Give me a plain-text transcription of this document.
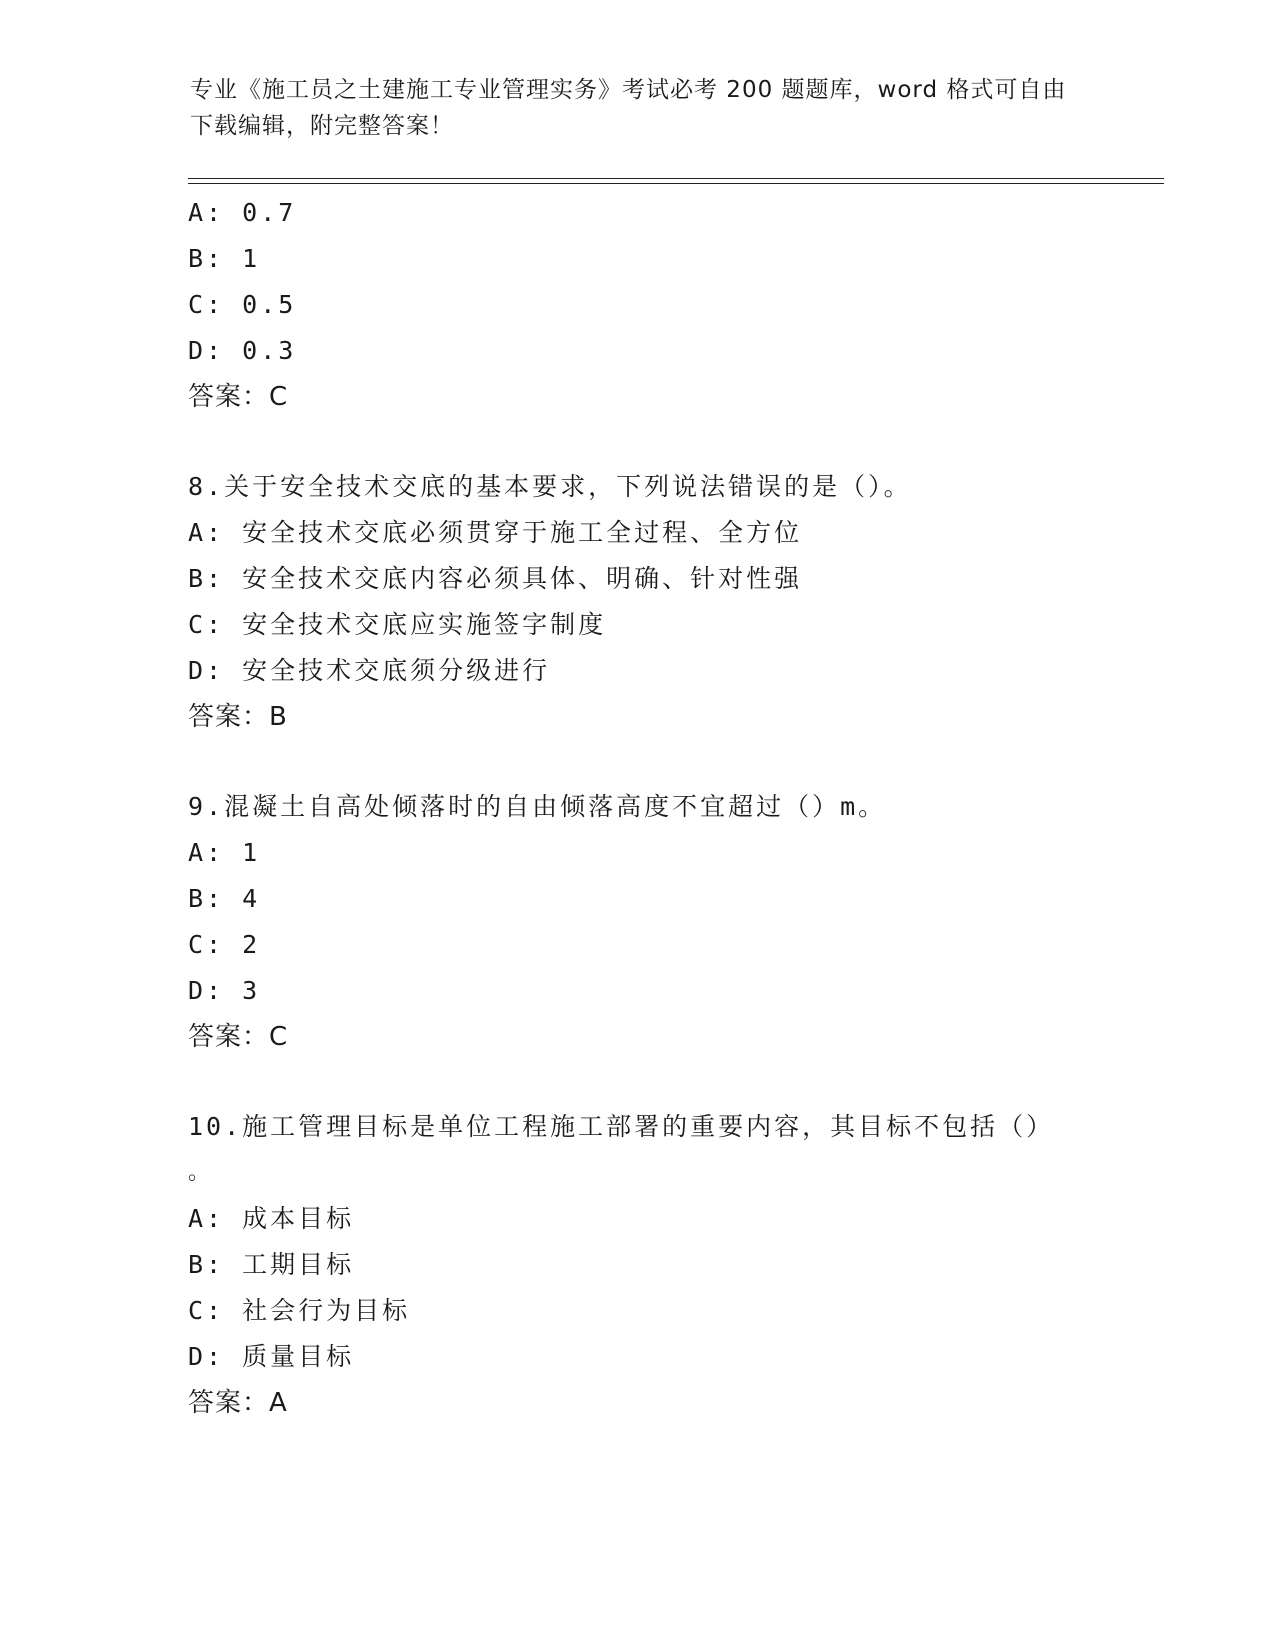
专业《施工员之土建施工专业管理实务》考试必考 200 题题库，word 格式可自由
下载编辑，附完整答案！
A: 0.7
B: 1
C: 0.5
D: 0.3
答案：C
8.关于安全技术交底的基本要求，下列说法错误的是（）。
A: 安全技术交底必须贯穿于施工全过程、全方位
B: 安全技术交底内容必须具体、明确、针对性强
C: 安全技术交底应实施签字制度
D: 安全技术交底须分级进行
答案：B
9.混凝土自高处倾落时的自由倾落高度不宜超过（）m。
A: 1
B: 4
C: 2
D: 3
答案：C
10.施工管理目标是单位工程施工部署的重要内容，其目标不包括（）
。
A: 成本目标
B: 工期目标
C: 社会行为目标
D: 质量目标
答案：A
